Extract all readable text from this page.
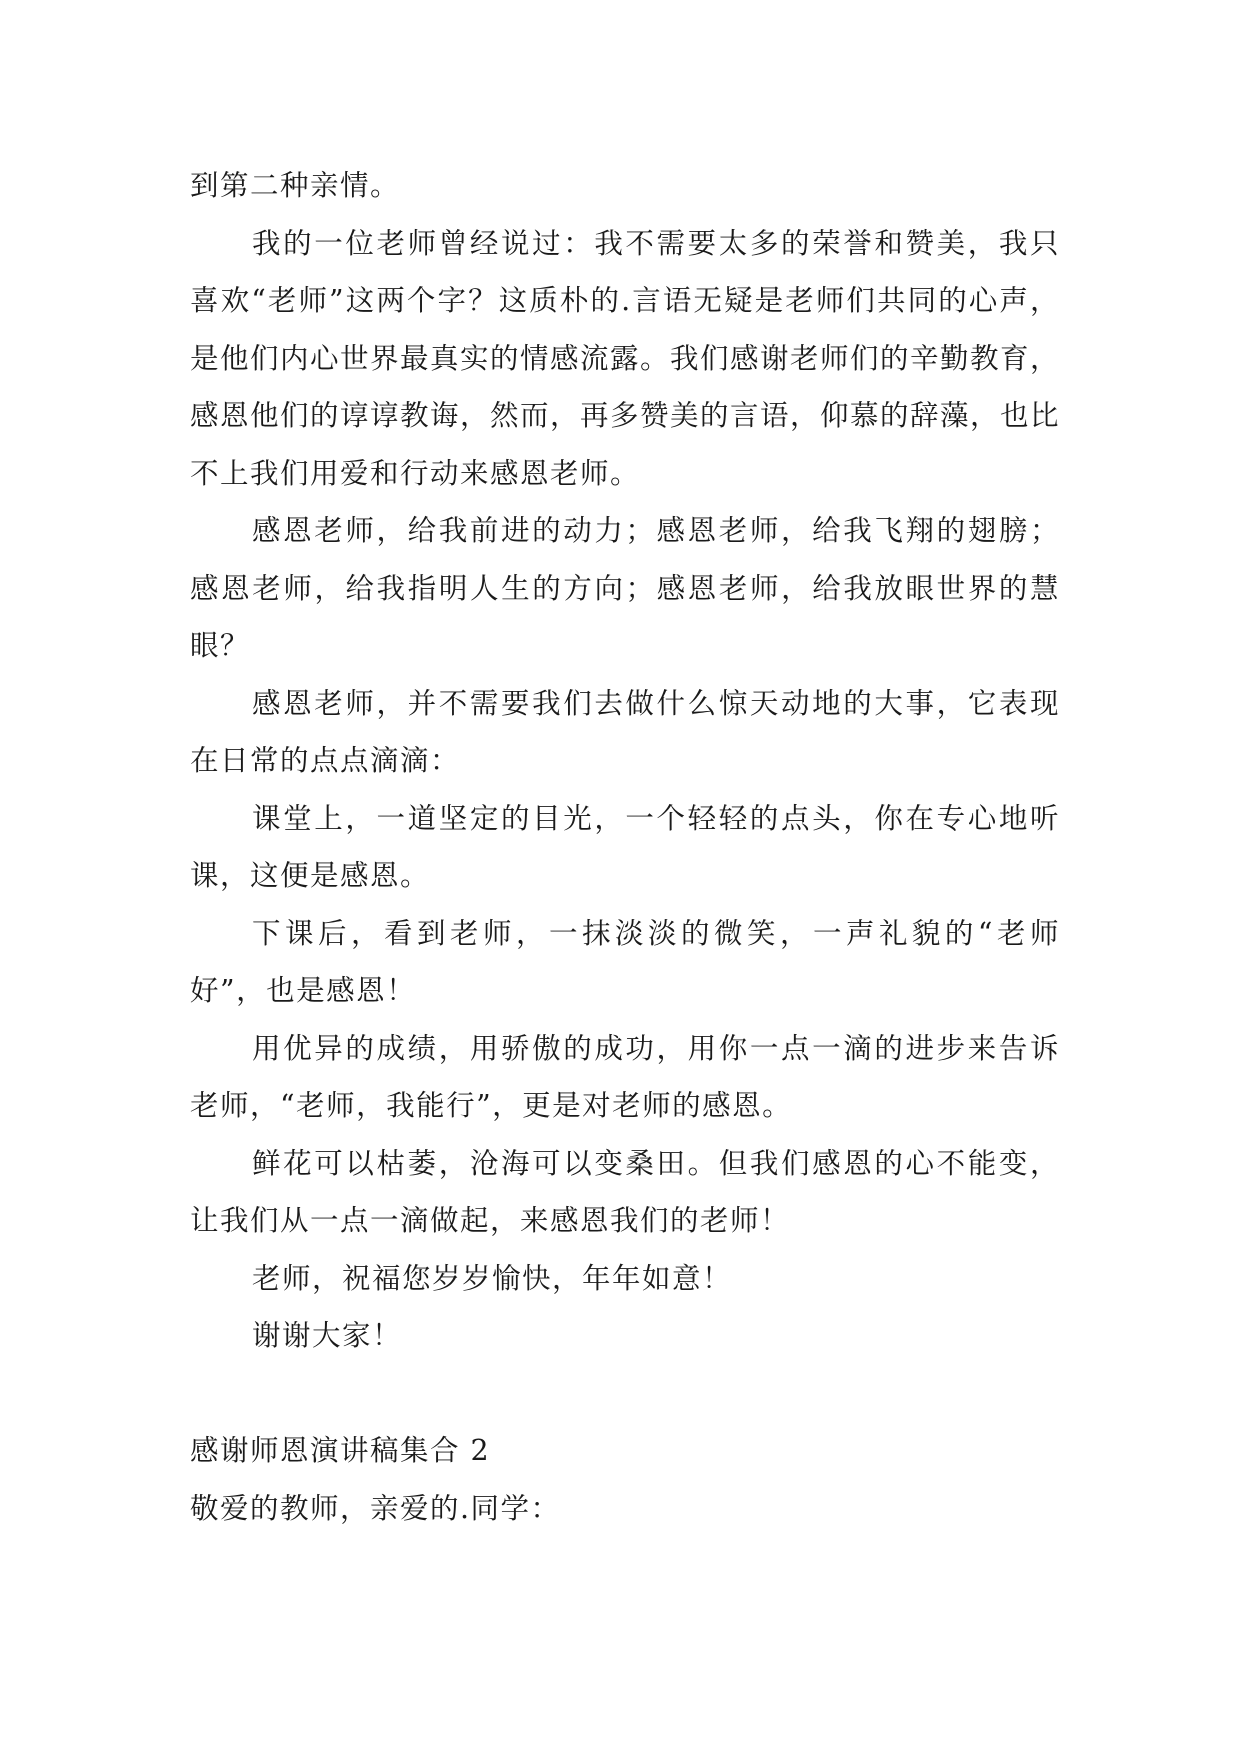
到第二种亲情。

我的一位老师曾经说过：我不需要太多的荣誉和赞美，我只喜欢“老师”这两个字？这质朴的.言语无疑是老师们共同的心声，是他们内心世界最真实的情感流露。我们感谢老师们的辛勤教育，感恩他们的谆谆教诲，然而，再多赞美的言语，仰慕的辞藻，也比不上我们用爱和行动来感恩老师。

感恩老师，给我前进的动力；感恩老师，给我飞翔的翅膀；感恩老师，给我指明人生的方向；感恩老师，给我放眼世界的慧眼？

感恩老师，并不需要我们去做什么惊天动地的大事，它表现在日常的点点滴滴：

课堂上，一道坚定的目光，一个轻轻的点头，你在专心地听课，这便是感恩。

下课后，看到老师，一抹淡淡的微笑，一声礼貌的“老师好”，也是感恩！

用优异的成绩，用骄傲的成功，用你一点一滴的进步来告诉老师，“老师，我能行”，更是对老师的感恩。

鲜花可以枯萎，沧海可以变桑田。但我们感恩的心不能变，让我们从一点一滴做起，来感恩我们的老师！

老师，祝福您岁岁愉快，年年如意！

谢谢大家！

感谢师恩演讲稿集合 2

敬爱的教师，亲爱的.同学：
